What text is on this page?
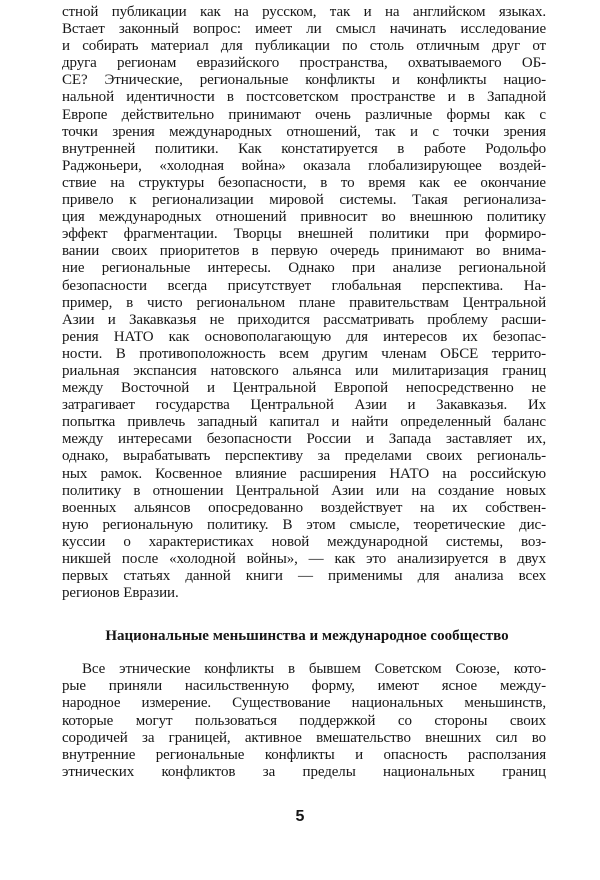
стной публикации как на русском, так и на английском языках.
Встает законный вопрос: имеет ли смысл начинать исследование
и собирать материал для публикации по столь отличным друг от
друга регионам евразийского пространства, охватываемого ОБ-
СЕ? Этнические, региональные конфликты и конфликты нацио-
нальной идентичности в постсоветском пространстве и в Западной
Европе действительно принимают очень различные формы как с
точки зрения международных отношений, так и с точки зрения
внутренней политики. Как констатируется в работе Родольфо
Раджоньери, «холодная война» оказала глобализирующее воздей-
ствие на структуры безопасности, в то время как ее окончание
привело к регионализации мировой системы. Такая регионализа-
ция международных отношений привносит во внешнюю политику
эффект фрагментации. Творцы внешней политики при формиро-
вании своих приоритетов в первую очередь принимают во внима-
ние региональные интересы. Однако при анализе региональной
безопасности всегда присутствует глобальная перспектива. На-
пример, в чисто региональном плане правительствам Центральной
Азии и Закавказья не приходится рассматривать проблему расши-
рения НАТО как основополагающую для интересов их безопас-
ности. В противоположность всем другим членам ОБСЕ террито-
риальная экспансия натовского альянса или милитаризация границ
между Восточной и Центральной Европой непосредственно не
затрагивает государства Центральной Азии и Закавказья. Их
попытка привлечь западный капитал и найти определенный баланс
между интересами безопасности России и Запада заставляет их,
однако, вырабатывать перспективу за пределами своих региональ-
ных рамок. Косвенное влияние расширения НАТО на российскую
политику в отношении Центральной Азии или на создание новых
военных альянсов опосредованно воздействует на их собствен-
ную региональную политику. В этом смысле, теоретические дис-
куссии о характеристиках новой международной системы, воз-
никшей после «холодной войны», — как это анализируется в двух
первых статьях данной книги — применимы для анализа всех
регионов Евразии.
Национальные меньшинства и международное сообщество
Все этнические конфликты в бывшем Советском Союзе, кото-
рые приняли насильственную форму, имеют ясное между-
народное измерение. Существование национальных меньшинств,
которые могут пользоваться поддержкой со стороны своих
сородичей за границей, активное вмешательство внешних сил во
внутренние региональные конфликты и опасность расползания
этнических конфликтов за пределы национальных границ
5
